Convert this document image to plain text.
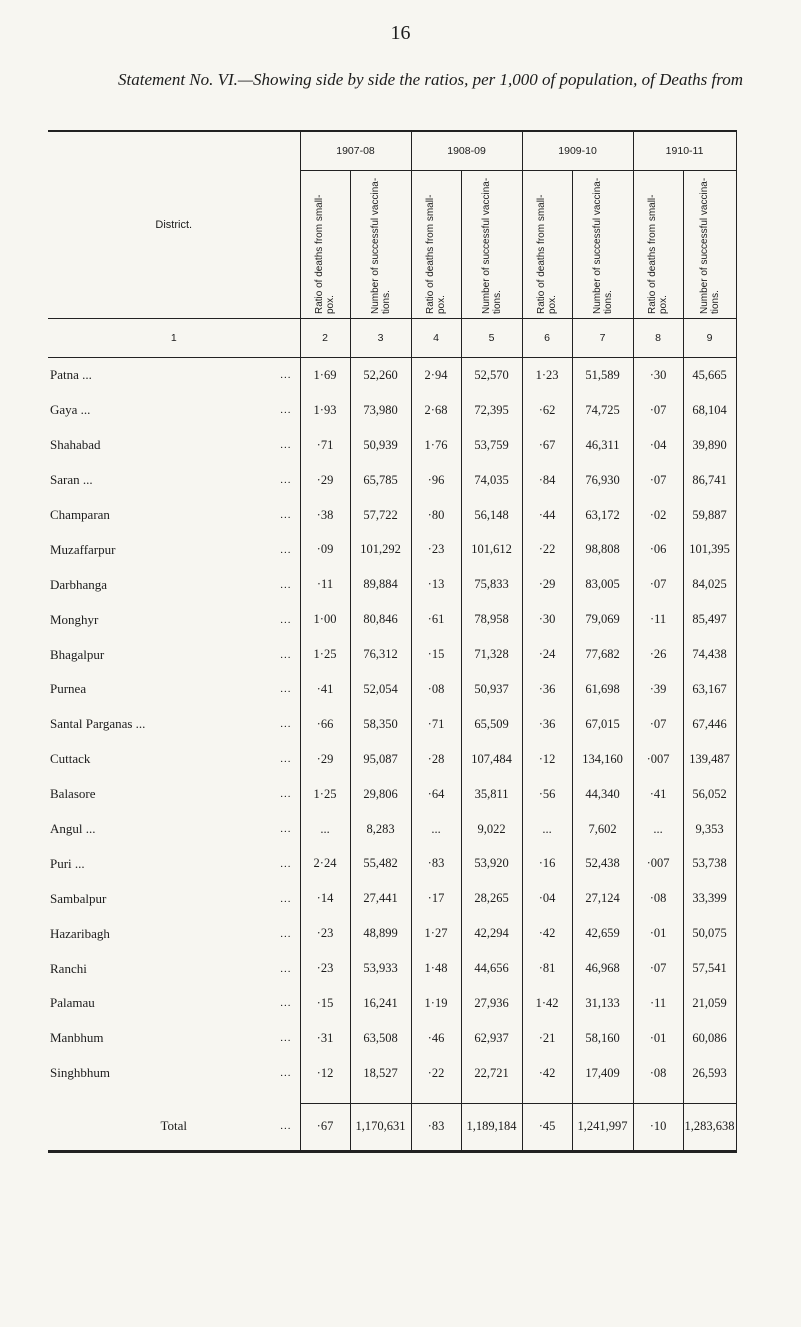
16
Statement No. VI.—Showing side by side the ratios, per 1,000 of population, of Deaths from
District.	1907-08		1908-09		1909-10		1910-11	

	Ratio of deaths from small-pox.	Number of successful vaccina-tions.	Ratio of deaths from small-pox.	Number of successful vaccina-tions.	Ratio of deaths from small-pox.	Number of successful vaccina-tions.	Ratio of deaths from small-pox.	Number of successful vaccina-tions.

1	2	3	4	5	6	7	8	9
Patna ... ...	1·69	52,260	2·94	52,570	1·23	51,589	·30	45,665
Gaya ... ...	1·93	73,980	2·68	72,395	·62	74,725	·07	68,104
Shahabad ...	·71	50,939	1·76	53,759	·67	46,311	·04	39,890
Saran ... ...	·29	65,785	·96	74,035	·84	76,930	·07	86,741
Champaran ...	·38	57,722	·80	56,148	·44	63,172	·02	59,887
Muzaffarpur ...	·09	101,292	·23	101,612	·22	98,808	·06	101,395
Darbhanga ...	·11	89,884	·13	75,833	·29	83,005	·07	84,025
Monghyr ...	1·00	80,846	·61	78,958	·30	79,069	·11	85,497
Bhagalpur ...	1·25	76,312	·15	71,328	·24	77,682	·26	74,438
Purnea ...	·41	52,054	·08	50,937	·36	61,698	·39	63,167
Santal Parganas ... ...	·66	58,350	·71	65,509	·36	67,015	·07	67,446
Cuttack ...	·29	95,087	·28	107,484	·12	134,160	·007	139,487
Balasore ...	1·25	29,806	·64	35,811	·56	44,340	·41	56,052
Angul ... ...	...	8,283	...	9,022	...	7,602	...	9,353
Puri ... ...	2·24	55,482	·83	53,920	·16	52,438	·007	53,738
Sambalpur ...	·14	27,441	·17	28,265	·04	27,124	·08	33,399
Hazaribagh ...	·23	48,899	1·27	42,294	·42	42,659	·01	50,075
Ranchi ...	·23	53,933	1·48	44,656	·81	46,968	·07	57,541
Palamau ...	·15	16,241	1·19	27,936	1·42	31,133	·11	21,059
Manbhum ...	·31	63,508	·46	62,937	·21	58,160	·01	60,086
Singhbhum ...	·12	18,527	·22	22,721	·42	17,409	·08	26,593

Total ...	·67	1,170,631	·83	1,189,184	·45	1,241,997	·10	1,283,638
